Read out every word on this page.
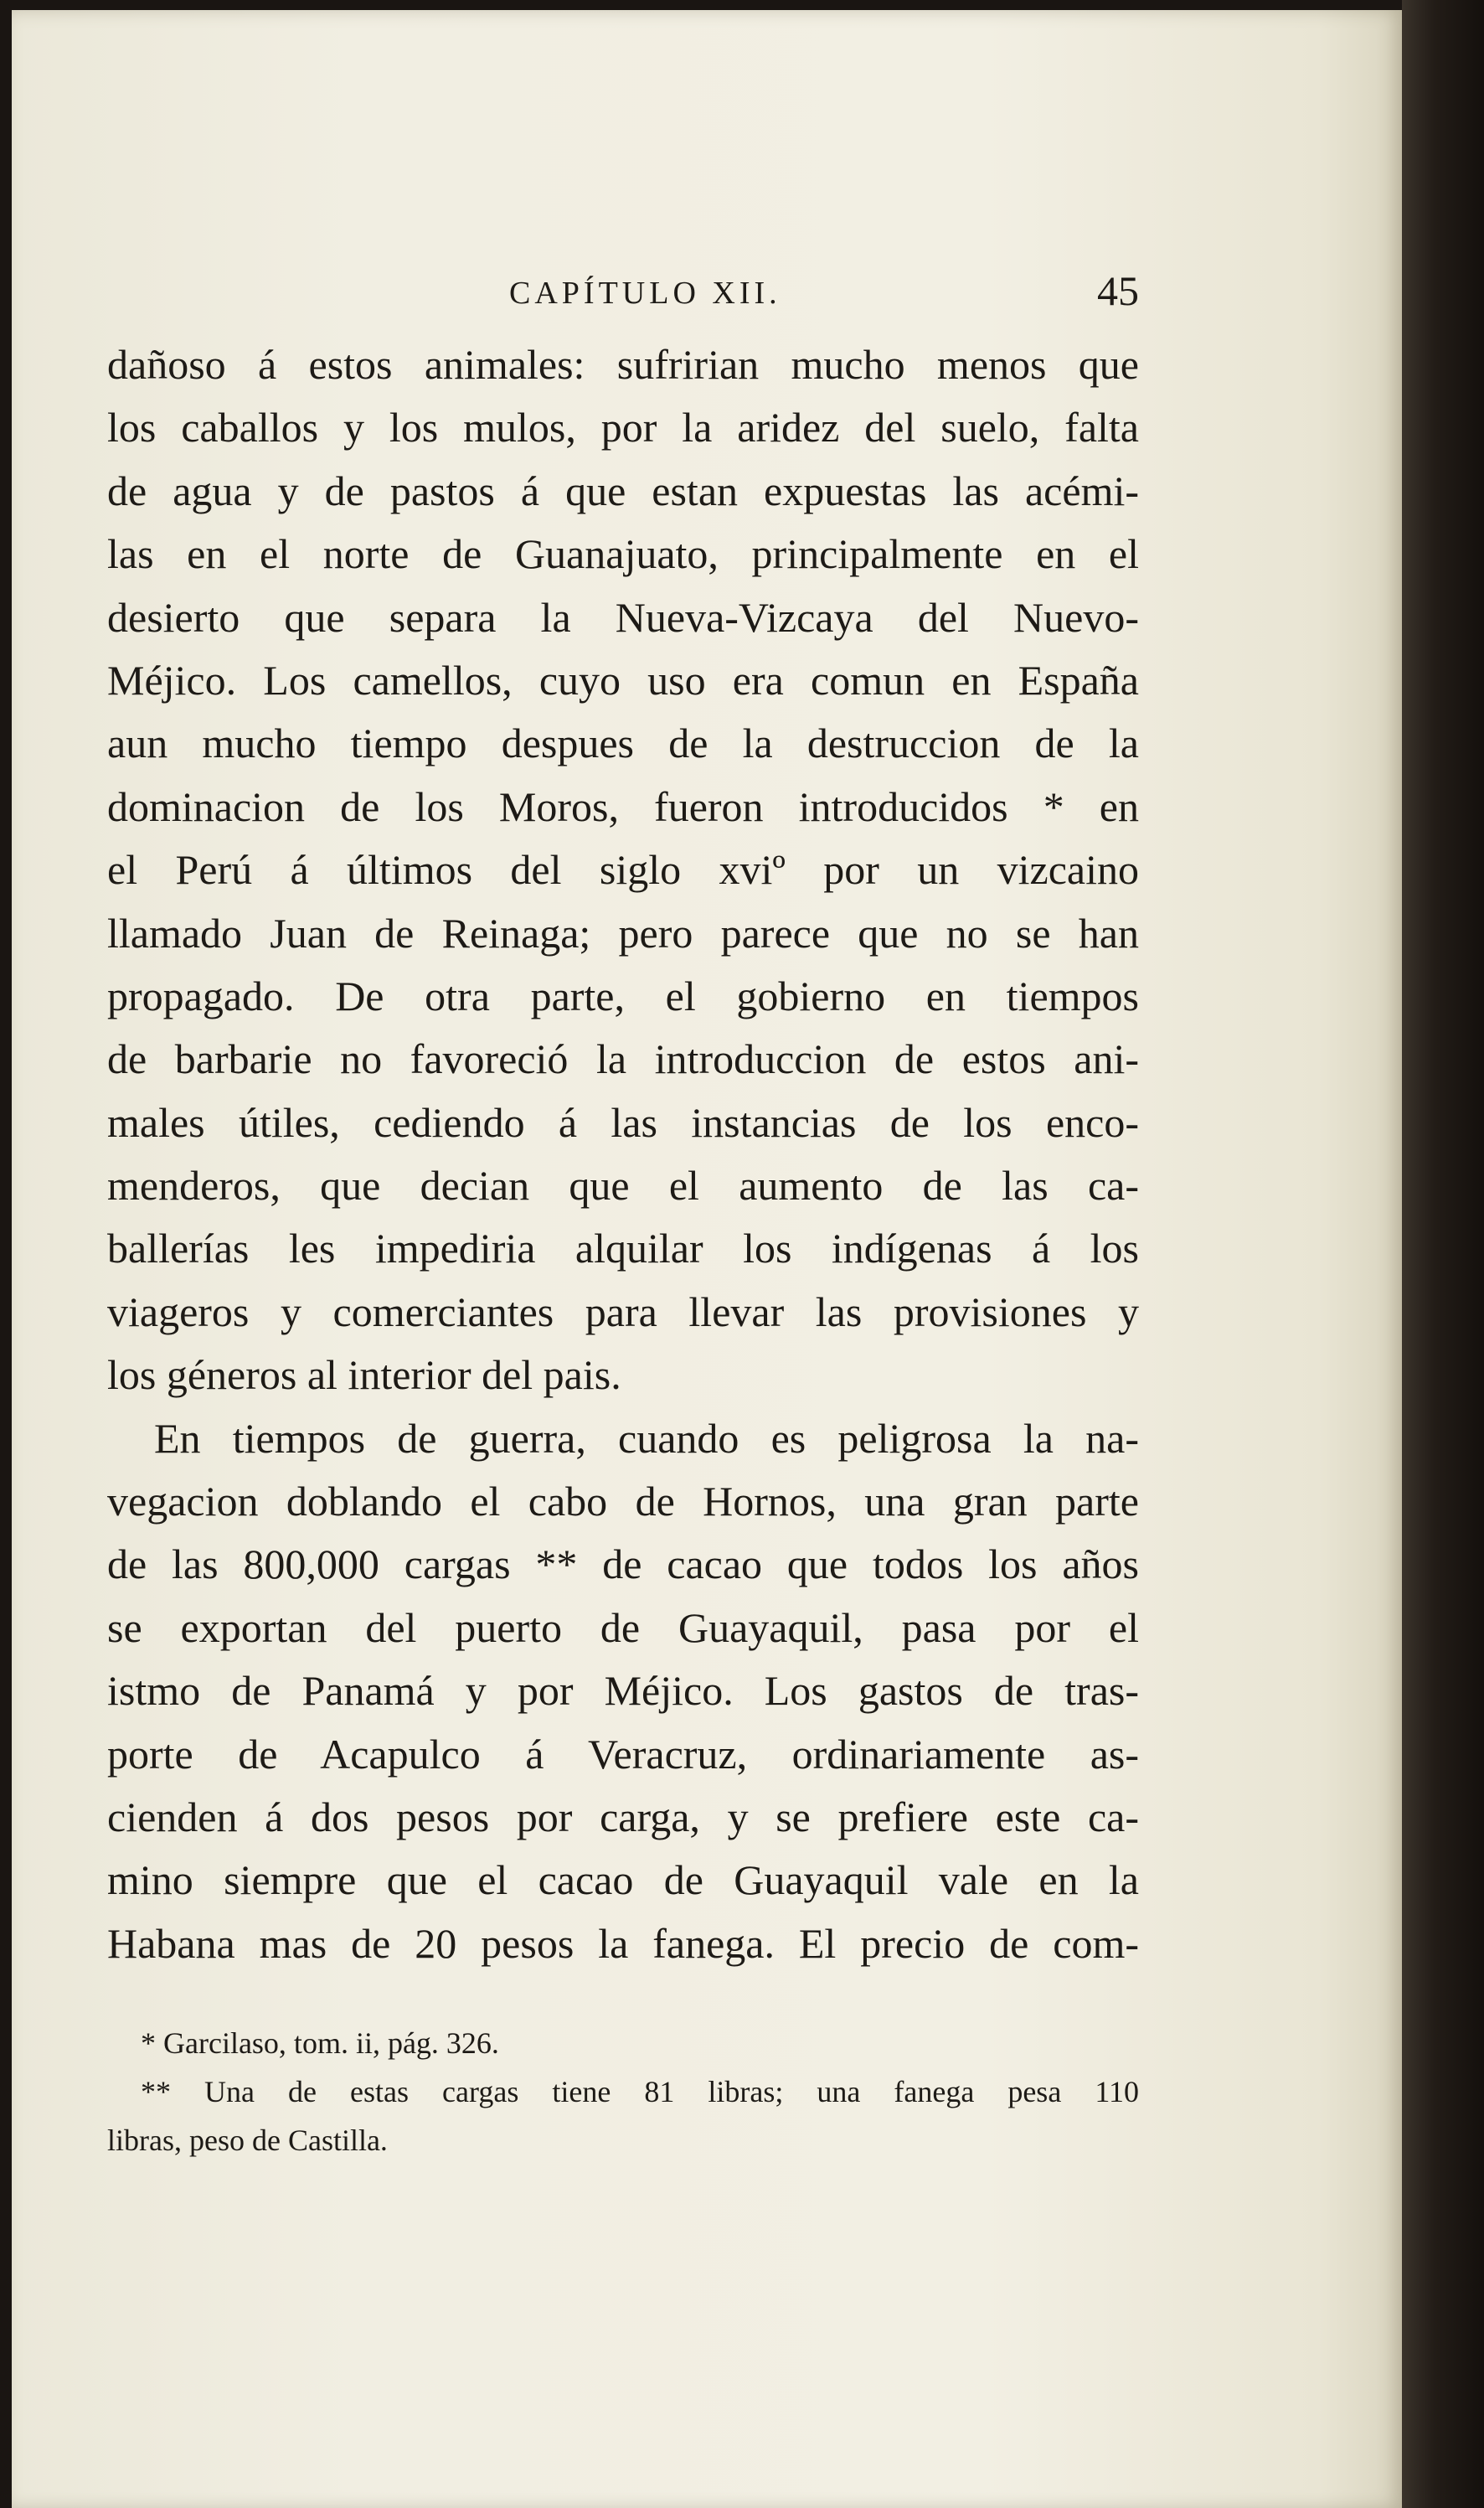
CAPÍTULO XII.	45
dañoso á estos animales: sufririan mucho menos que
los caballos y los mulos, por la aridez del suelo, falta
de agua y de pastos á que estan expuestas las acémi-
las en el norte de Guanajuato, principalmente en el
desierto que separa la Nueva-Vizcaya del Nuevo-
Méjico. Los camellos, cuyo uso era comun en España
aun mucho tiempo despues de la destruccion de la
dominacion de los Moros, fueron introducidos * en
el Perú á últimos del siglo xviº por un vizcaino
llamado Juan de Reinaga; pero parece que no se han
propagado. De otra parte, el gobierno en tiempos
de barbarie no favoreció la introduccion de estos ani-
males útiles, cediendo á las instancias de los enco-
menderos, que decian que el aumento de las ca-
ballerías les impediria alquilar los indígenas á los
viageros y comerciantes para llevar las provisiones y
los géneros al interior del pais.
En tiempos de guerra, cuando es peligrosa la na-
vegacion doblando el cabo de Hornos, una gran parte
de las 800,000 cargas ** de cacao que todos los años
se exportan del puerto de Guayaquil, pasa por el
istmo de Panamá y por Méjico. Los gastos de tras-
porte de Acapulco á Veracruz, ordinariamente as-
cienden á dos pesos por carga, y se prefiere este ca-
mino siempre que el cacao de Guayaquil vale en la
Habana mas de 20 pesos la fanega. El precio de com-
* Garcilaso, tom. ii, pág. 326.
** Una de estas cargas tiene 81 libras; una fanega pesa 110
libras, peso de Castilla.
